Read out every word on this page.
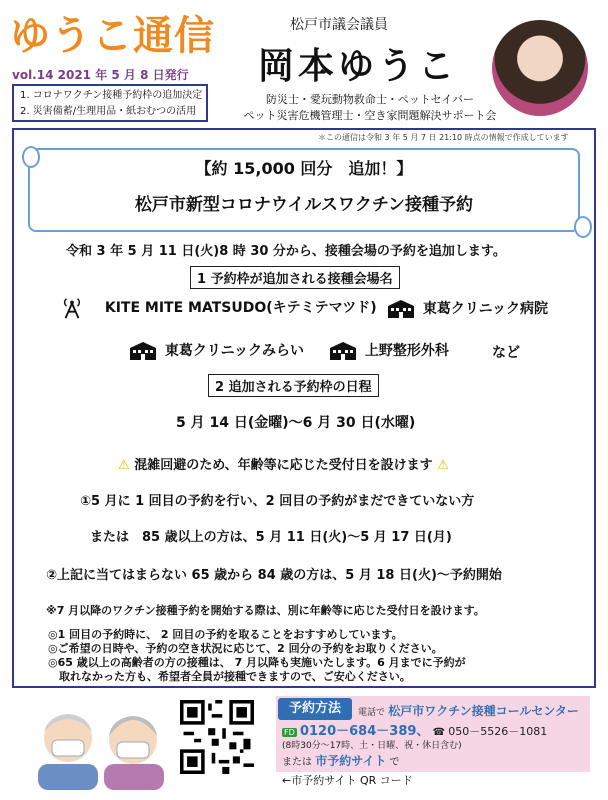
ゆうこ通信
vol.14 2021 年 5 月 8 日発行
1. コロナワクチン接種予約枠の追加決定
2. 災害備蓄/生理用品・紙おむつの活用
松戸市議会議員
岡本ゆうこ
防災士・愛玩動物救命士・ペットセイバー
ペット災害危機管理士・空き家問題解決サポート会
＊この通信は令和 3 年 5 月 7 日 21:10 時点の情報で作成しています
【約 15,000 回分　追加！】
松戸市新型コロナウイルスワクチン接種予約
令和 3 年 5 月 11 日(火)8 時 30 分から、接種会場の予約を追加します。
1 予約枠が追加される接種会場名
KITE MITE MATSUDO(キテミテマツド)	東葛クリニック病院
東葛クリニックみらい	上野整形外科	など
2 追加される予約枠の日程
5 月 14 日(金曜)～6 月 30 日(水曜)
⚠ 混雑回避のため、年齢等に応じた受付日を設けます ⚠
①5 月に 1 回目の予約を行い、2 回目の予約がまだできていない方
または　85 歳以上の方は、5 月 11 日(火)～5 月 17 日(月)
②上記に当てはまらない 65 歳から 84 歳の方は、5 月 18 日(火)～予約開始
※7 月以降のワクチン接種予約を開始する際は、別に年齢等に応じた受付日を設けます。
◎1 回目の予約時に、 2 回目の予約を取ることをおすすめしています。
◎ご希望の日時や、予約の空き状況に応じて、2 回分の予約をお取りください。
◎65 歳以上の高齢者の方の接種は、 7 月以降も実施いたします。6 月までに予約が
　取れなかった方も、希望者全員が接種できますので、ご安心ください。
予約方法	電話で 松戸市ワクチン接種コールセンター
FD 0120－684－389、 ☎ 050－5526－1081
(8時30分～17時、土・日曜、祝・休日含む)
または 市予約サイト で
←市予約サイト QR コード
